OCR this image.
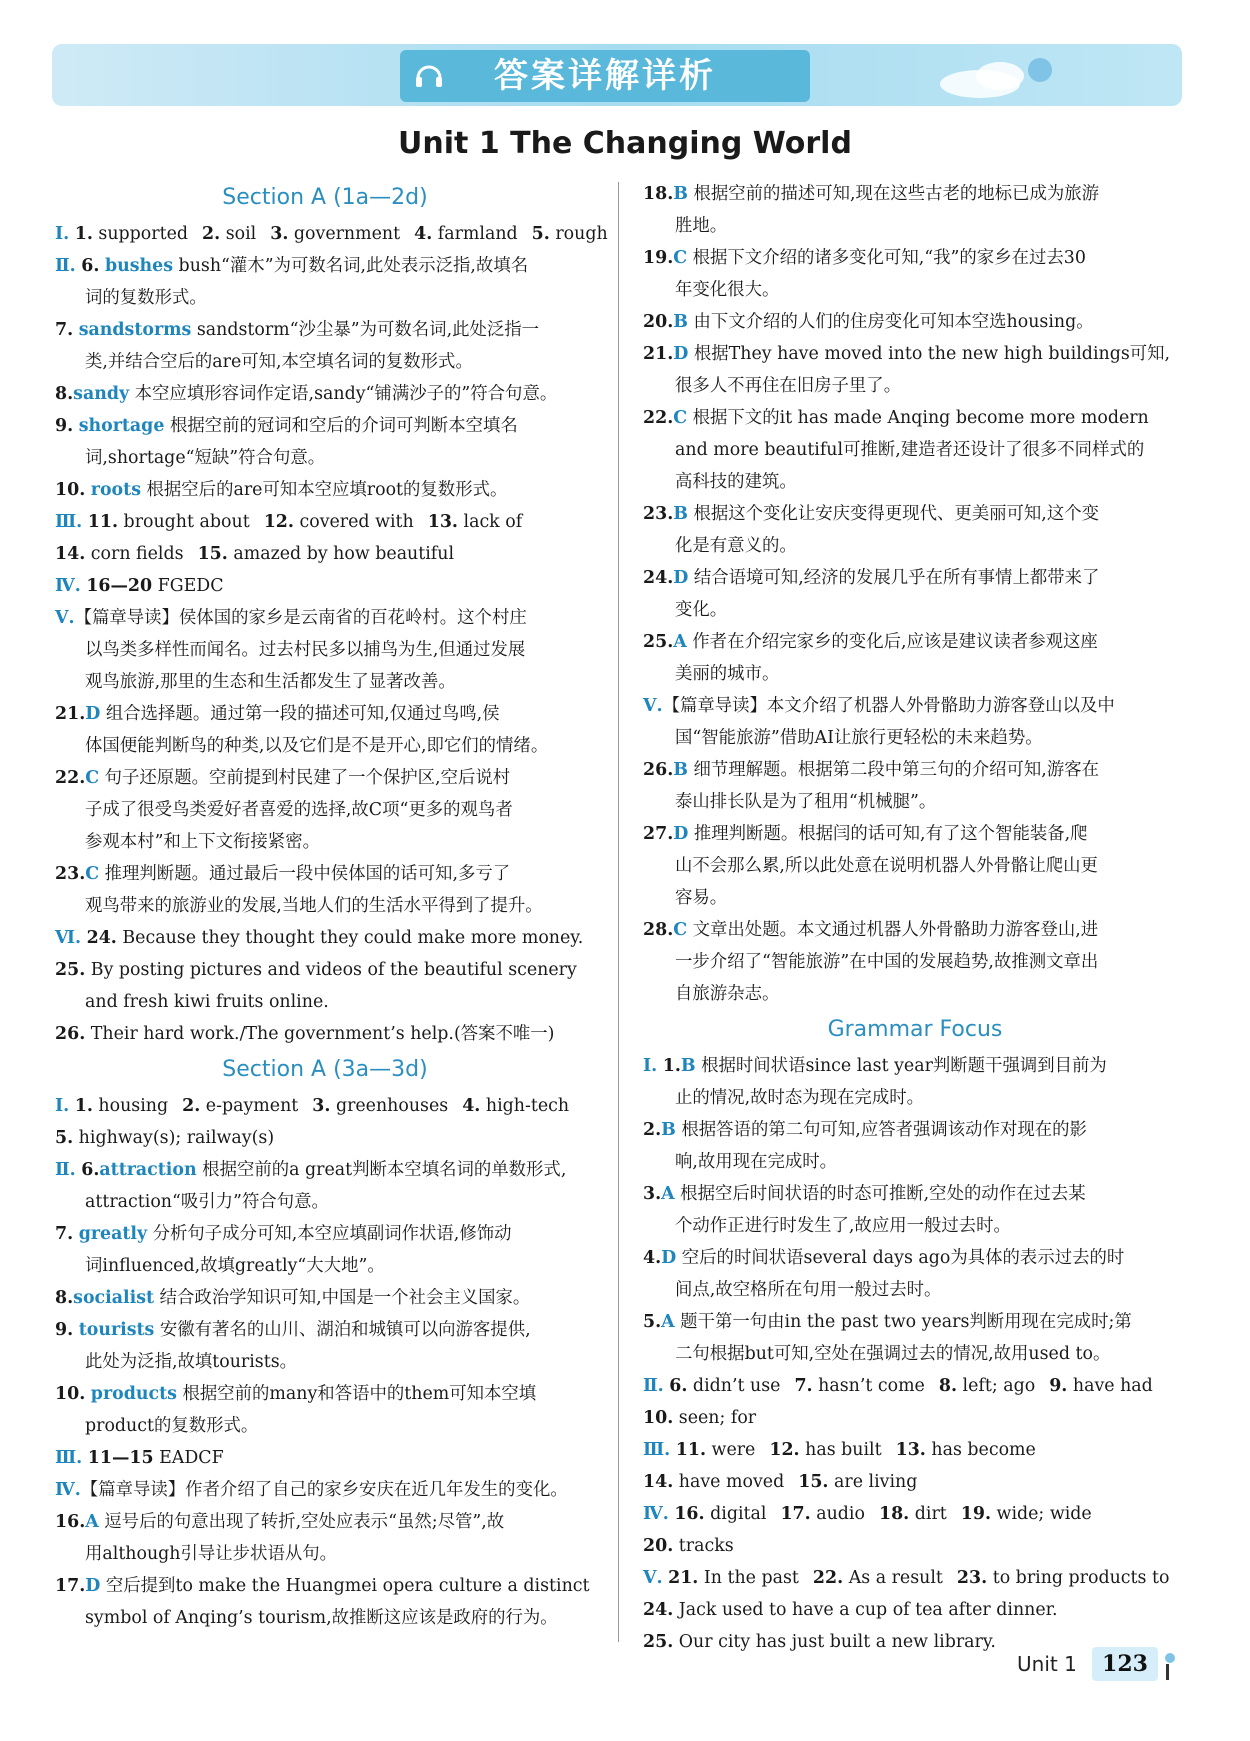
答案详解详析
Unit 1 The Changing World
Section A (1a—2d)
Ⅰ. 1. supported 2. soil 3. government 4. farmland 5. rough
Ⅱ. 6. bushes bush“灌木”为可数名词,此处表示泛指,故填名
词的复数形式。
7. sandstorms sandstorm“沙尘暴”为可数名词,此处泛指一
类,并结合空后的are可知,本空填名词的复数形式。
8.sandy 本空应填形容词作定语,sandy“铺满沙子的”符合句意。
9. shortage 根据空前的冠词和空后的介词可判断本空填名
词,shortage“短缺”符合句意。
10. roots 根据空后的are可知本空应填root的复数形式。
Ⅲ. 11. brought about 12. covered with 13. lack of
14. corn fields 15. amazed by how beautiful
Ⅳ. 16—20 FGEDC
Ⅴ.【篇章导读】侯体国的家乡是云南省的百花岭村。这个村庄
以鸟类多样性而闻名。过去村民多以捕鸟为生,但通过发展
观鸟旅游,那里的生态和生活都发生了显著改善。
21.D 组合选择题。通过第一段的描述可知,仅通过鸟鸣,侯
体国便能判断鸟的种类,以及它们是不是开心,即它们的情绪。
22.C 句子还原题。空前提到村民建了一个保护区,空后说村
子成了很受鸟类爱好者喜爱的选择,故C项“更多的观鸟者
参观本村”和上下文衔接紧密。
23.C 推理判断题。通过最后一段中侯体国的话可知,多亏了
观鸟带来的旅游业的发展,当地人们的生活水平得到了提升。
Ⅵ. 24. Because they thought they could make more money.
25. By posting pictures and videos of the beautiful scenery
and fresh kiwi fruits online.
26. Their hard work./The government’s help.(答案不唯一)
Section A (3a—3d)
Ⅰ. 1. housing 2. e-payment 3. greenhouses 4. high-tech
5. highway(s); railway(s)
Ⅱ. 6.attraction 根据空前的a great判断本空填名词的单数形式,
attraction“吸引力”符合句意。
7. greatly 分析句子成分可知,本空应填副词作状语,修饰动
词influenced,故填greatly“大大地”。
8.socialist 结合政治学知识可知,中国是一个社会主义国家。
9. tourists 安徽有著名的山川、湖泊和城镇可以向游客提供,
此处为泛指,故填tourists。
10. products 根据空前的many和答语中的them可知本空填
product的复数形式。
Ⅲ. 11—15 EADCF
Ⅳ.【篇章导读】作者介绍了自己的家乡安庆在近几年发生的变化。
16.A 逗号后的句意出现了转折,空处应表示“虽然;尽管”,故
用although引导让步状语从句。
17.D 空后提到to make the Huangmei opera culture a distinct
symbol of Anqing’s tourism,故推断这应该是政府的行为。
18.B 根据空前的描述可知,现在这些古老的地标已成为旅游
胜地。
19.C 根据下文介绍的诸多变化可知,“我”的家乡在过去30
年变化很大。
20.B 由下文介绍的人们的住房变化可知本空选housing。
21.D 根据They have moved into the new high buildings可知,
很多人不再住在旧房子里了。
22.C 根据下文的it has made Anqing become more modern
and more beautiful可推断,建造者还设计了很多不同样式的
高科技的建筑。
23.B 根据这个变化让安庆变得更现代、更美丽可知,这个变
化是有意义的。
24.D 结合语境可知,经济的发展几乎在所有事情上都带来了
变化。
25.A 作者在介绍完家乡的变化后,应该是建议读者参观这座
美丽的城市。
Ⅴ.【篇章导读】本文介绍了机器人外骨骼助力游客登山以及中
国“智能旅游”借助AI让旅行更轻松的未来趋势。
26.B 细节理解题。根据第二段中第三句的介绍可知,游客在
泰山排长队是为了租用“机械腿”。
27.D 推理判断题。根据闫的话可知,有了这个智能装备,爬
山不会那么累,所以此处意在说明机器人外骨骼让爬山更
容易。
28.C 文章出处题。本文通过机器人外骨骼助力游客登山,进
一步介绍了“智能旅游”在中国的发展趋势,故推测文章出
自旅游杂志。
Grammar Focus
Ⅰ. 1.B 根据时间状语since last year判断题干强调到目前为
止的情况,故时态为现在完成时。
2.B 根据答语的第二句可知,应答者强调该动作对现在的影
响,故用现在完成时。
3.A 根据空后时间状语的时态可推断,空处的动作在过去某
个动作正进行时发生了,故应用一般过去时。
4.D 空后的时间状语several days ago为具体的表示过去的时
间点,故空格所在句用一般过去时。
5.A 题干第一句由in the past two years判断用现在完成时;第
二句根据but可知,空处在强调过去的情况,故用used to。
Ⅱ. 6. didn’t use 7. hasn’t come 8. left; ago 9. have had
10. seen; for
Ⅲ. 11. were 12. has built 13. has become
14. have moved 15. are living
Ⅳ. 16. digital 17. audio 18. dirt 19. wide; wide
20. tracks
Ⅴ. 21. In the past 22. As a result 23. to bring products to
24. Jack used to have a cup of tea after dinner.
25. Our city has just built a new library.
Unit 1	123
